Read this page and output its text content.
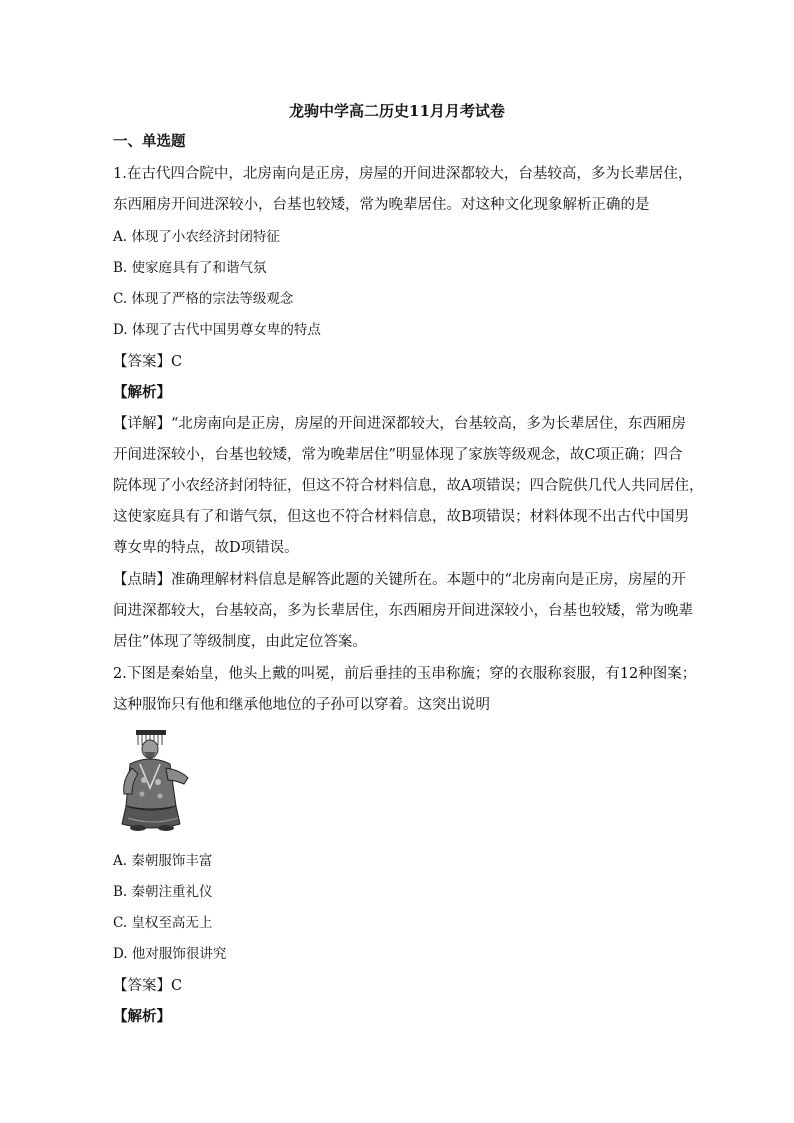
龙驹中学高二历史11月月考试卷
一、单选题
1.在古代四合院中，北房南向是正房，房屋的开间进深都较大，台基较高，多为长辈居住，
东西厢房开间进深较小，台基也较矮，常为晚辈居住。对这种文化现象解析正确的是
A. 体现了小农经济封闭特征
B. 使家庭具有了和谐气氛
C. 体现了严格的宗法等级观念
D. 体现了古代中国男尊女卑的特点
【答案】C
【解析】
【详解】“北房南向是正房，房屋的开间进深都较大，台基较高，多为长辈居住，东西厢房
开间进深较小，台基也较矮，常为晚辈居住”明显体现了家族等级观念，故C项正确；四合
院体现了小农经济封闭特征，但这不符合材料信息，故A项错误；四合院供几代人共同居住，
这使家庭具有了和谐气氛，但这也不符合材料信息，故B项错误；材料体现不出古代中国男
尊女卑的特点，故D项错误。
【点睛】准确理解材料信息是解答此题的关键所在。本题中的“北房南向是正房，房屋的开
间进深都较大，台基较高，多为长辈居住，东西厢房开间进深较小，台基也较矮，常为晚辈
居住”体现了等级制度，由此定位答案。
2.下图是秦始皇，他头上戴的叫冕，前后垂挂的玉串称旒；穿的衣服称衮服，有12种图案；
这种服饰只有他和继承他地位的子孙可以穿着。这突出说明
A. 秦朝服饰丰富
B. 秦朝注重礼仪
C. 皇权至高无上
D. 他对服饰很讲究
【答案】C
【解析】
